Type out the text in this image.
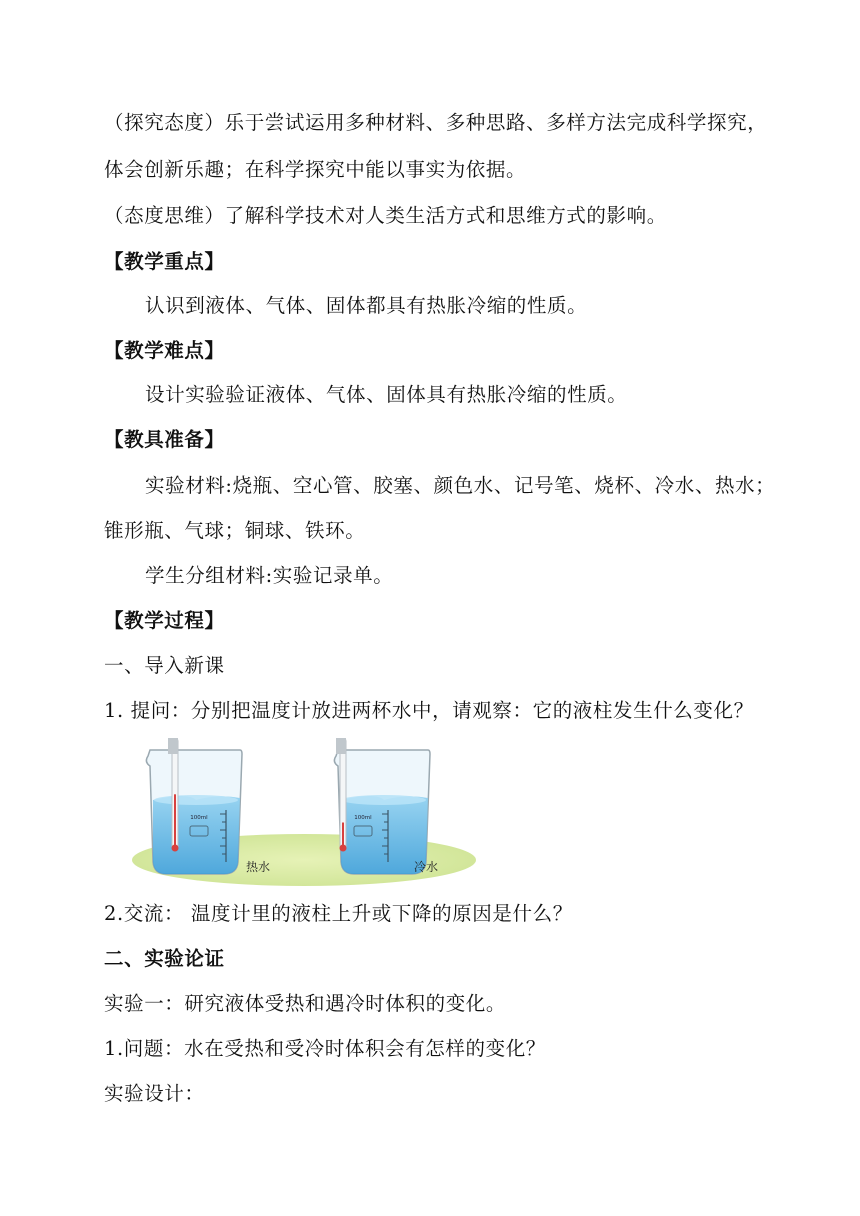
（探究态度）乐于尝试运用多种材料、多种思路、多样方法完成科学探究，
体会创新乐趣；在科学探究中能以事实为依据。
（态度思维）了解科学技术对人类生活方式和思维方式的影响。
【教学重点】
认识到液体、气体、固体都具有热胀冷缩的性质。
【教学难点】
设计实验验证液体、气体、固体具有热胀冷缩的性质。
【教具准备】
实验材料:烧瓶、空心管、胶塞、颜色水、记号笔、烧杯、冷水、热水；
锥形瓶、气球；铜球、铁环。
学生分组材料:实验记录单。
【教学过程】
一、导入新课
1. 提问：分别把温度计放进两杯水中，请观察：它的液柱发生什么变化？
100ml
热水
100ml
冷水
2.交流： 温度计里的液柱上升或下降的原因是什么？
二、实验论证
实验一：研究液体受热和遇冷时体积的变化。
1.问题：水在受热和受冷时体积会有怎样的变化？
实验设计：
